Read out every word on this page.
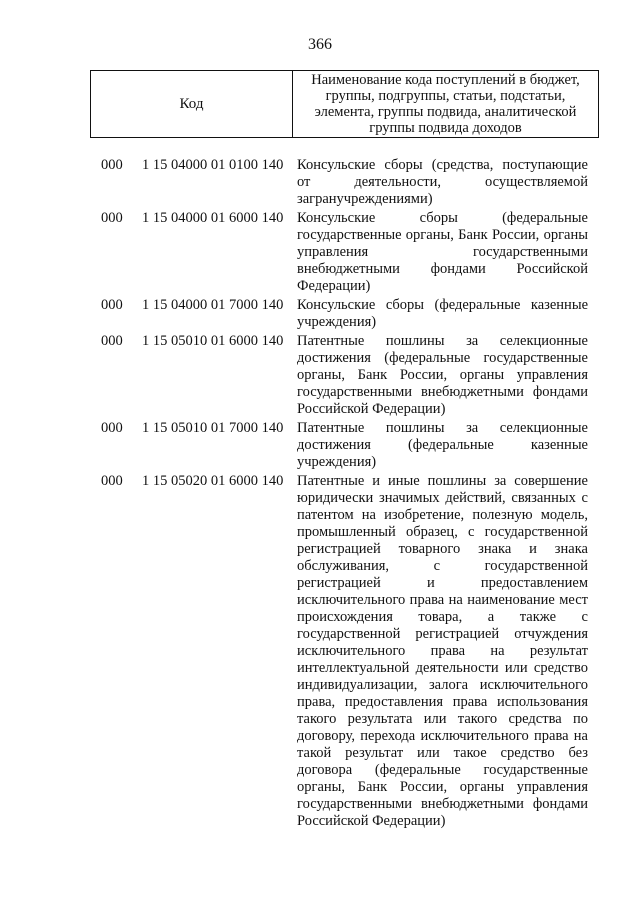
366
Код
Наименование кода поступлений в бюджет, группы, подгруппы, статьи, подстатьи, элемента, группы подвида, аналитической группы подвида доходов
000 1 15 04000 01 0100 140 Консульские сборы (средства, поступающие от деятельности, осуществляемой загранучреждениями)
000 1 15 04000 01 6000 140 Консульские сборы (федеральные государственные органы, Банк России, органы управления государственными внебюджетными фондами Российской Федерации)
000 1 15 04000 01 7000 140 Консульские сборы (федеральные казенные учреждения)
000 1 15 05010 01 6000 140 Патентные пошлины за селекционные достижения (федеральные государственные органы, Банк России, органы управления государственными внебюджетными фондами Российской Федерации)
000 1 15 05010 01 7000 140 Патентные пошлины за селекционные достижения (федеральные казенные учреждения)
000 1 15 05020 01 6000 140 Патентные и иные пошлины за совершение юридически значимых действий, связанных с патентом на изобретение, полезную модель, промышленный образец, с государственной регистрацией товарного знака и знака обслуживания, с государственной регистрацией и предоставлением исключительного права на наименование мест происхождения товара, а также с государственной регистрацией отчуждения исключительного права на результат интеллектуальной деятельности или средство индивидуализации, залога исключительного права, предоставления права использования такого результата или такого средства по договору, перехода исключительного права на такой результат или такое средство без договора (федеральные государственные органы, Банк России, органы управления государственными внебюджетными фондами Российской Федерации)
